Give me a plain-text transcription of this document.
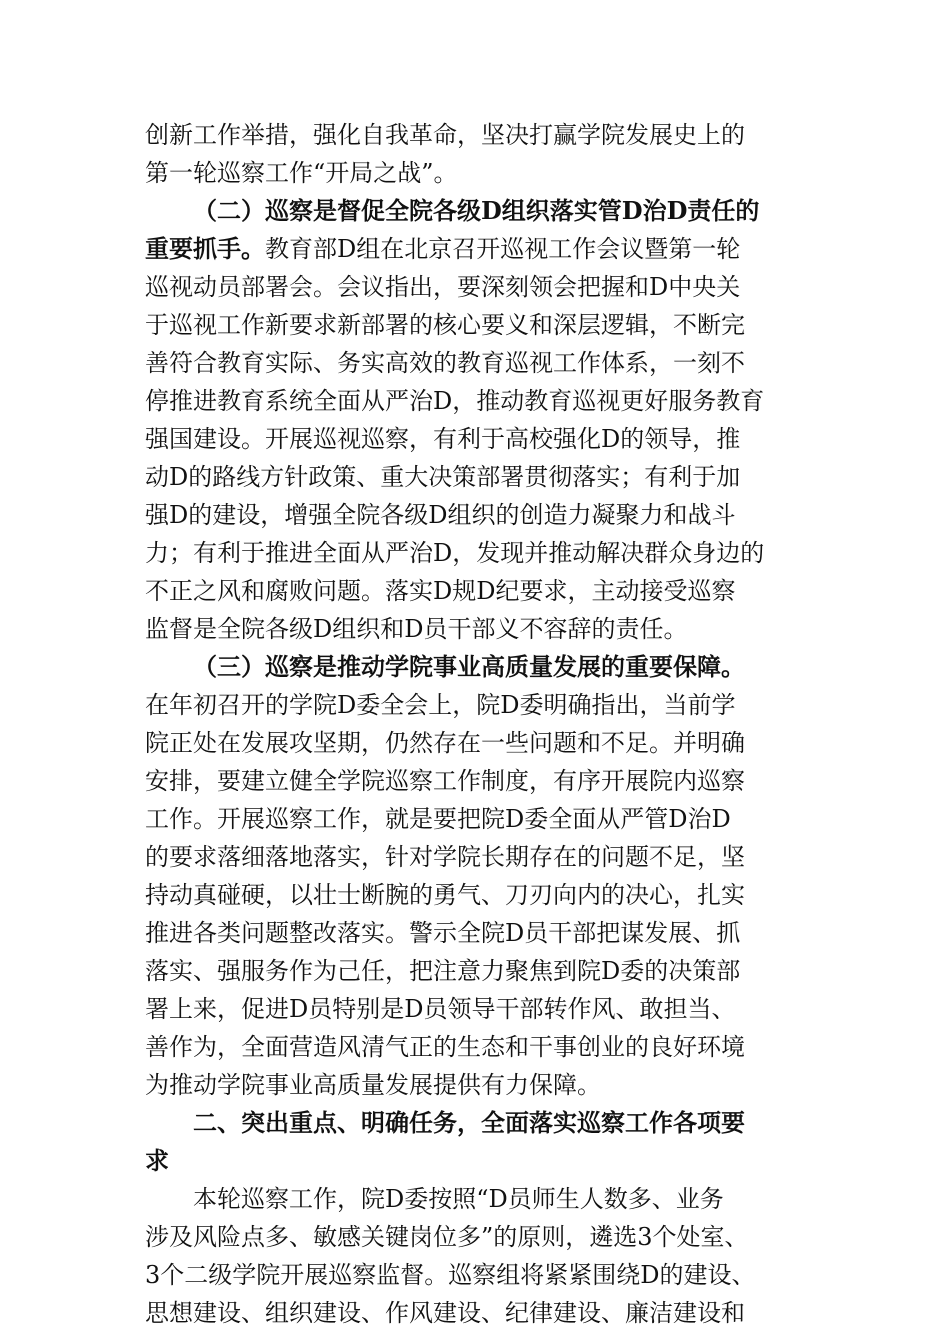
创新工作举措，强化自我革命，坚决打赢学院发展史上的
第一轮巡察工作“开局之战”。
（二）巡察是督促全院各级D组织落实管D治D责任的
重要抓手。教育部D组在北京召开巡视工作会议暨第一轮
巡视动员部署会。会议指出，要深刻领会把握和D中央关
于巡视工作新要求新部署的核心要义和深层逻辑，不断完
善符合教育实际、务实高效的教育巡视工作体系，一刻不
停推进教育系统全面从严治D，推动教育巡视更好服务教育
强国建设。开展巡视巡察，有利于高校强化D的领导，推
动D的路线方针政策、重大决策部署贯彻落实；有利于加
强D的建设，增强全院各级D组织的创造力凝聚力和战斗
力；有利于推进全面从严治D，发现并推动解决群众身边的
不正之风和腐败问题。落实D规D纪要求，主动接受巡察
监督是全院各级D组织和D员干部义不容辞的责任。
（三）巡察是推动学院事业高质量发展的重要保障。
在年初召开的学院D委全会上，院D委明确指出，当前学
院正处在发展攻坚期，仍然存在一些问题和不足。并明确
安排，要建立健全学院巡察工作制度，有序开展院内巡察
工作。开展巡察工作，就是要把院D委全面从严管D治D
的要求落细落地落实，针对学院长期存在的问题不足，坚
持动真碰硬，以壮士断腕的勇气、刀刃向内的决心，扎实
推进各类问题整改落实。警示全院D员干部把谋发展、抓
落实、强服务作为己任，把注意力聚焦到院D委的决策部
署上来，促进D员特别是D员领导干部转作风、敢担当、
善作为，全面营造风清气正的生态和干事创业的良好环境
为推动学院事业高质量发展提供有力保障。
二、突出重点、明确任务，全面落实巡察工作各项要
求
本轮巡察工作，院D委按照“D员师生人数多、业务
涉及风险点多、敏感关键岗位多”的原则，遴选3个处室、
3个二级学院开展巡察监督。巡察组将紧紧围绕D的建设、
思想建设、组织建设、作风建设、纪律建设、廉洁建设和
